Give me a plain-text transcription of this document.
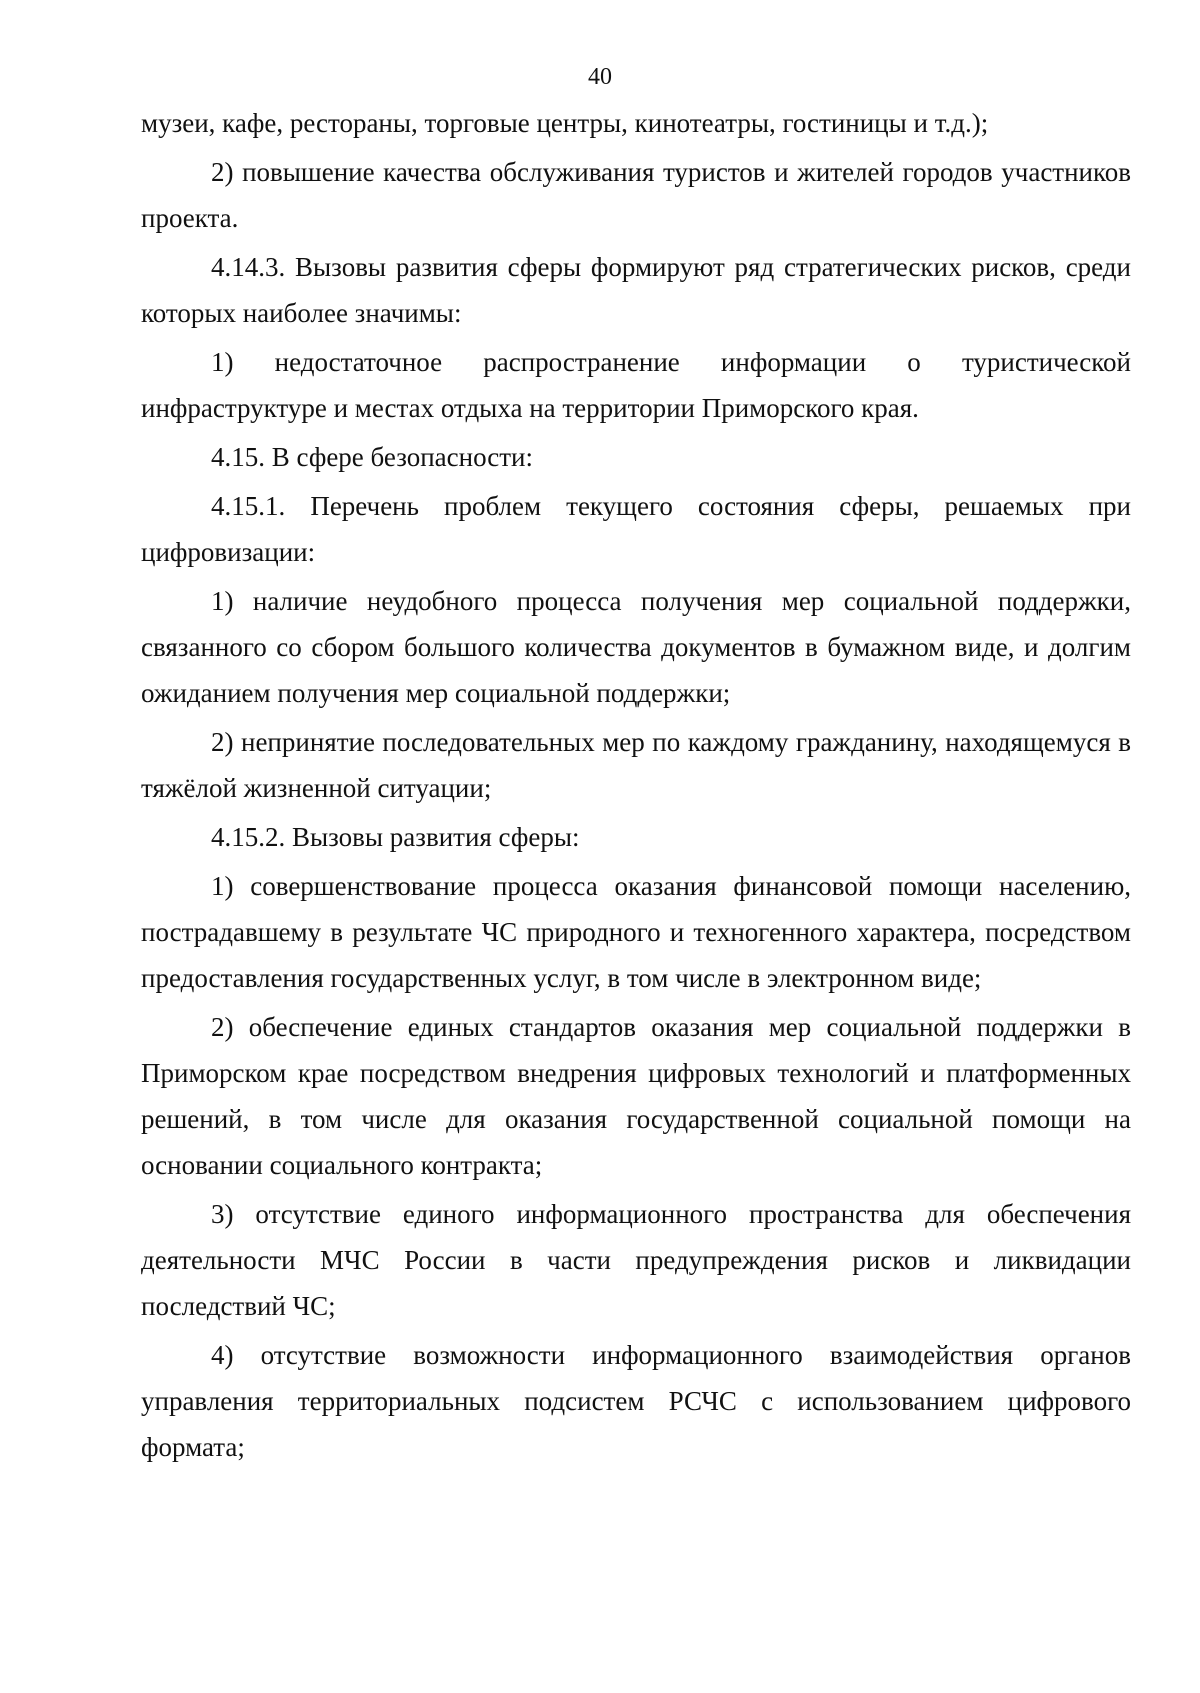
40

музеи, кафе, рестораны, торговые центры, кинотеатры, гостиницы и т.д.);

2) повышение качества обслуживания туристов и жителей городов участников проекта.

4.14.3. Вызовы развития сферы формируют ряд стратегических рисков, среди которых наиболее значимы:

1) недостаточное распространение информации о туристической инфраструктуре и местах отдыха на территории Приморского края.

4.15. В сфере безопасности:

4.15.1. Перечень проблем текущего состояния сферы, решаемых при цифровизации:

1) наличие неудобного процесса получения мер социальной поддержки, связанного со сбором большого количества документов в бумажном виде, и долгим ожиданием получения мер социальной поддержки;

2) непринятие последовательных мер по каждому гражданину, находящемуся в тяжёлой жизненной ситуации;

4.15.2. Вызовы развития сферы:

1) совершенствование процесса оказания финансовой помощи населению, пострадавшему в результате ЧС природного и техногенного характера, посредством предоставления государственных услуг, в том числе в электронном виде;

2) обеспечение единых стандартов оказания мер социальной поддержки в Приморском крае посредством внедрения цифровых технологий и платформенных решений, в том числе для оказания государственной социальной помощи на основании социального контракта;

3) отсутствие единого информационного пространства для обеспечения деятельности МЧС России в части предупреждения рисков и ликвидации последствий ЧС;

4) отсутствие возможности информационного взаимодействия органов управления территориальных подсистем РСЧС с использованием цифрового формата;
